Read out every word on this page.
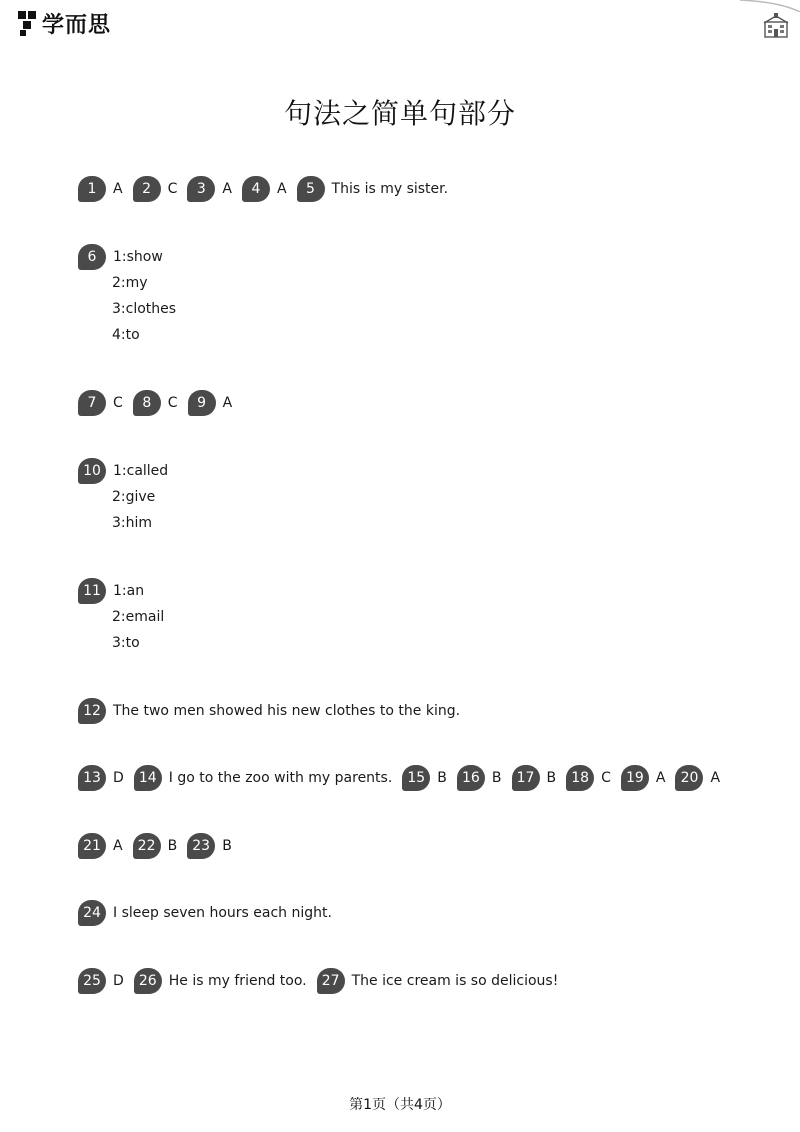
学而思
句法之简单句部分
1	A	2	C	3	A	4	A	5	This is my sister.
6	1:show
2:my
3:clothes
4:to
7	C	8	C	9	A
10 1:called
2:give
3:him
11 1:an
2:email
3:to
12 The two men showed his new clothes to the king.
13 D	14 I go to the zoo with my parents.	15 B	16 B	17 B	18 C	19 A	20 A
21 A	22 B	23 B
24 I sleep seven hours each night.
25 D	26 He is my friend too.	27 The ice cream is so delicious!
第1页（共4页）
